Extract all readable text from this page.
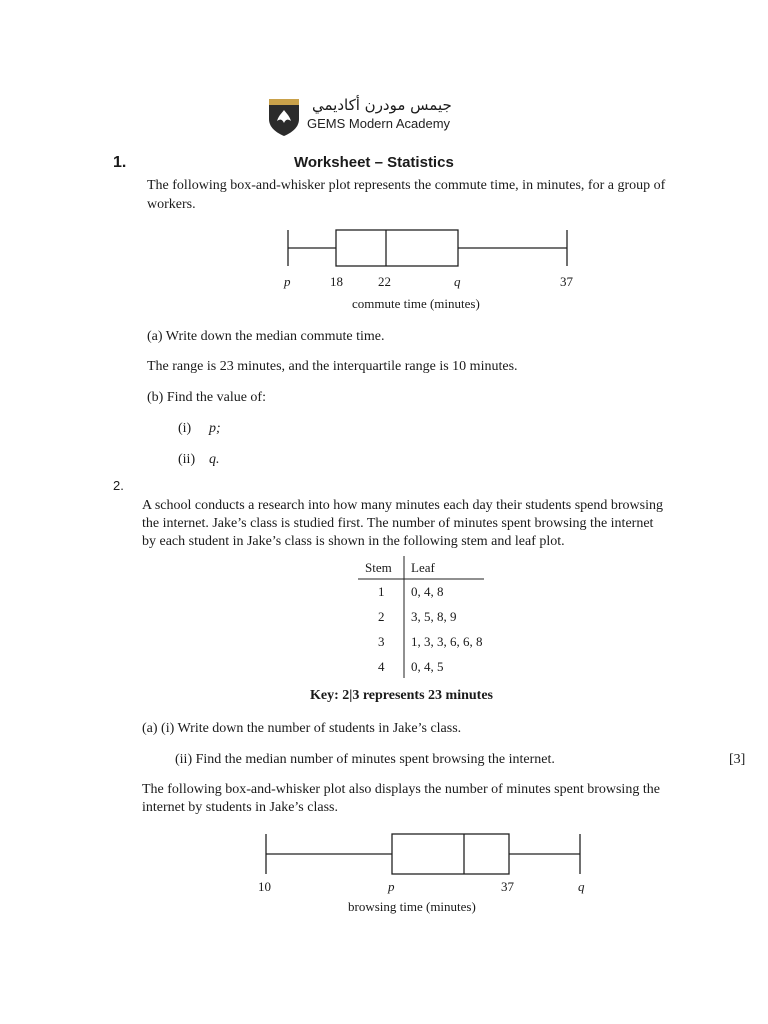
جيمس مودرن أكاديمي
GEMS Modern Academy
1.	Worksheet – Statistics
The following box-and-whisker plot represents the commute time, in minutes, for a group of
workers.
p	18	22	q	37
commute time (minutes)
(a) Write down the median commute time.
The range is 23 minutes, and the interquartile range is 10 minutes.
(b) Find the value of:
(i) p;
(ii) q.
2.
A school conducts a research into how many minutes each day their students spend browsing
the internet. Jake’s class is studied first. The number of minutes spent browsing the internet
by each student in Jake’s class is shown in the following stem and leaf plot.
Stem Leaf
1 0, 4, 8
2 3, 5, 8, 9
3 1, 3, 3, 6, 6, 8
4 0, 4, 5
Key: 2|3 represents 23 minutes
(a) (i) Write down the number of students in Jake’s class.
(ii) Find the median number of minutes spent browsing the internet.	[3]
The following box-and-whisker plot also displays the number of minutes spent browsing the
internet by students in Jake’s class.
10	p	37	q
browsing time (minutes)
